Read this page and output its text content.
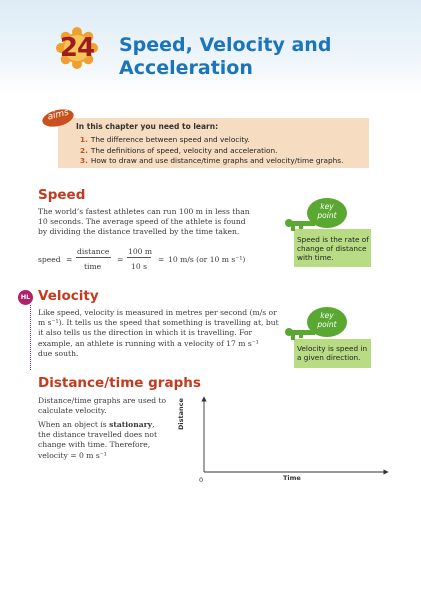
24 Speed, Velocity and
Acceleration
aims
In this chapter you need to learn:
1. The difference between speed and velocity.
2. The definitions of speed, velocity and acceleration.
3. How to draw and use distance/time graphs and velocity/time graphs.
Speed
The world’s fastest athletes can run 100 m in less than
10 seconds. The average speed of the athlete is found
by dividing the distance travelled by the time taken.
speed =
distance
time
=
100 m
10 s
= 10 m/s (or 10 m s⁻¹)
key
point
Speed is the rate of
change of distance
with time.
HL Velocity
Like speed, velocity is measured in metres per second (m/s or
m s⁻¹). It tells us the speed that something is travelling at, but
it also tells us the direction in which it is travelling. For
example, an athlete is running with a velocity of 17 m s⁻¹
due south.
key
point
Velocity is speed in
a given direction.
Distance/time graphs
Distance/time graphs are used to
calculate velocity.
When an object is stationary,
the distance travelled does not
change with time. Therefore,
velocity = 0 m s⁻¹
Distance
Time
0
